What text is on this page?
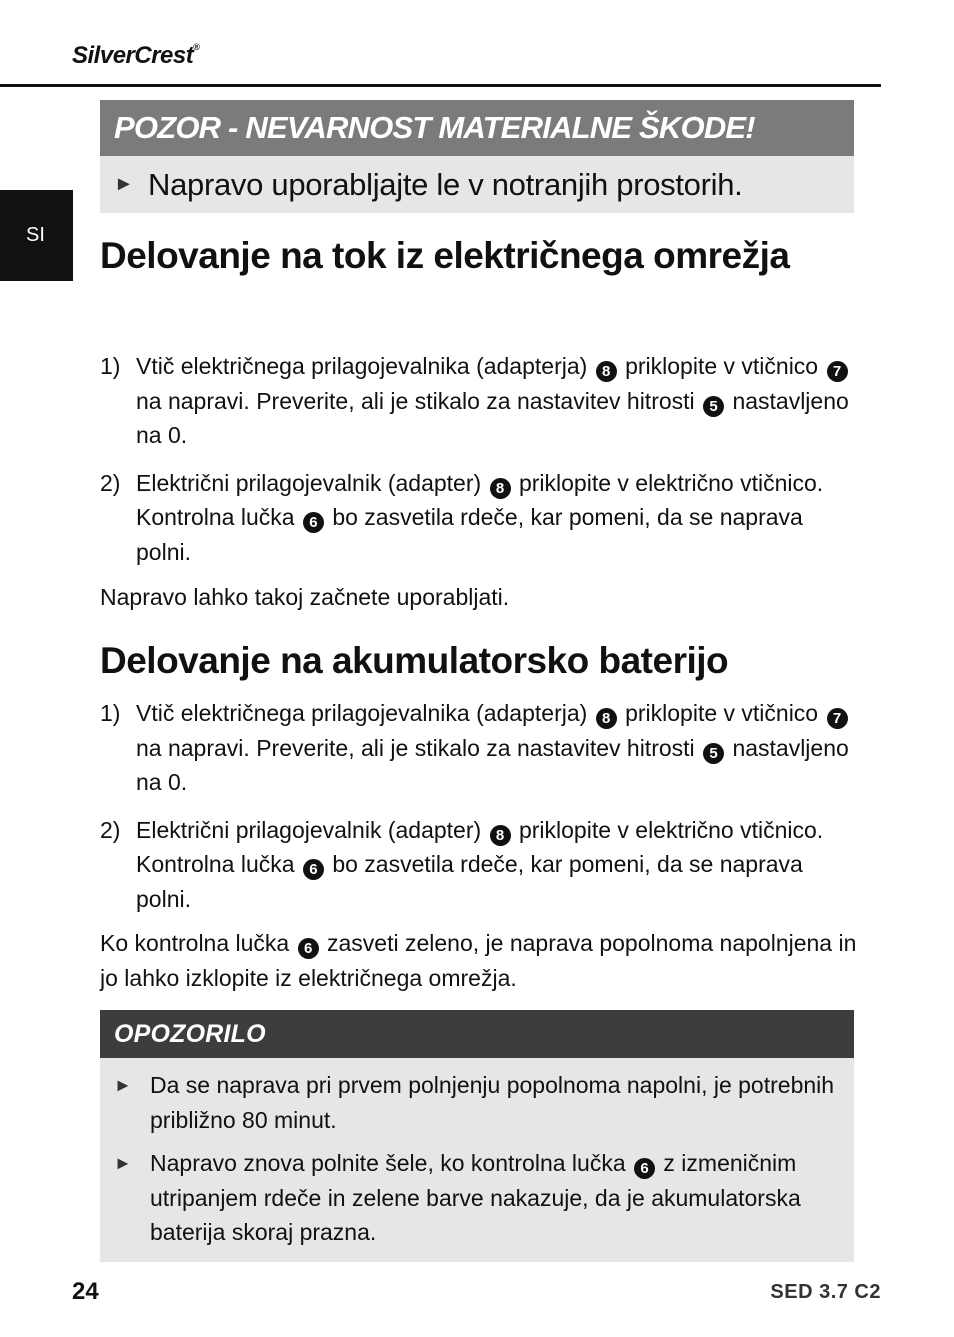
SilverCrest®
SI
POZOR - NEVARNOST MATERIALNE ŠKODE!
► Napravo uporabljajte le v notranjih prostorih.
Delovanje na tok iz električnega omrežja
1) Vtič električnega prilagojevalnika (adapterja) 8 priklopite v vtičnico 7 na napravi. Preverite, ali je stikalo za nastavitev hitrosti 5 nastavljeno na 0.
2) Električni prilagojevalnik (adapter) 8 priklopite v električno vtičnico. Kontrolna lučka 6 bo zasvetila rdeče, kar pomeni, da se naprava polni.
Napravo lahko takoj začnete uporabljati.
Delovanje na akumulatorsko baterijo
1) Vtič električnega prilagojevalnika (adapterja) 8 priklopite v vtičnico 7 na napravi. Preverite, ali je stikalo za nastavitev hitrosti 5 nastavljeno na 0.
2) Električni prilagojevalnik (adapter) 8 priklopite v električno vtičnico. Kontrolna lučka 6 bo zasvetila rdeče, kar pomeni, da se naprava polni.
Ko kontrolna lučka 6 zasveti zeleno, je naprava popolnoma napolnjena in jo lahko izklopite iz električnega omrežja.
OPOZORILO
► Da se naprava pri prvem polnjenju popolnoma napolni, je potrebnih približno 80 minut.
► Napravo znova polnite šele, ko kontrolna lučka 6 z izmeničnim utripanjem rdeče in zelene barve nakazuje, da je akumulatorska baterija skoraj prazna.
24	SED 3.7 C2
